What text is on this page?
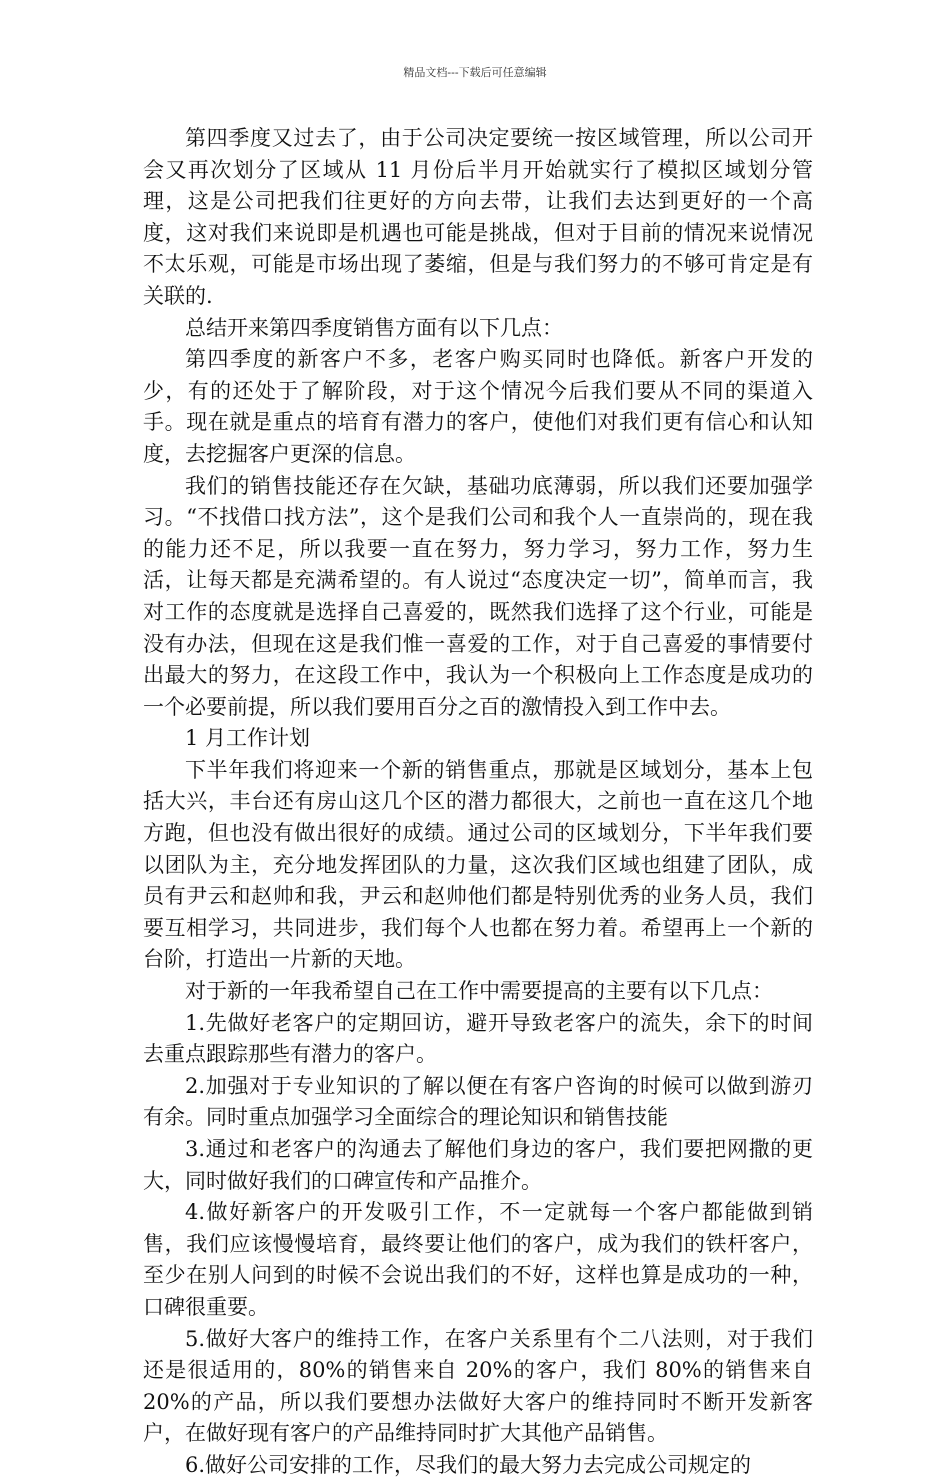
精品文档---下载后可任意编辑

第四季度又过去了，由于公司决定要统一按区域管理，所以公司开会又再次划分了区域从 11 月份后半月开始就实行了模拟区域划分管理，这是公司把我们往更好的方向去带，让我们去达到更好的一个高度，这对我们来说即是机遇也可能是挑战，但对于目前的情况来说情况不太乐观，可能是市场出现了萎缩，但是与我们努力的不够可肯定是有关联的.

总结开来第四季度销售方面有以下几点：

第四季度的新客户不多，老客户购买同时也降低。新客户开发的少，有的还处于了解阶段，对于这个情况今后我们要从不同的渠道入手。现在就是重点的培育有潜力的客户，使他们对我们更有信心和认知度，去挖掘客户更深的信息。

我们的销售技能还存在欠缺，基础功底薄弱，所以我们还要加强学习。“不找借口找方法”，这个是我们公司和我个人一直崇尚的，现在我的能力还不足，所以我要一直在努力，努力学习，努力工作，努力生活，让每天都是充满希望的。有人说过“态度决定一切”，简单而言，我对工作的态度就是选择自己喜爱的，既然我们选择了这个行业，可能是没有办法，但现在这是我们惟一喜爱的工作，对于自己喜爱的事情要付出最大的努力，在这段工作中，我认为一个积极向上工作态度是成功的一个必要前提，所以我们要用百分之百的激情投入到工作中去。

1 月工作计划

下半年我们将迎来一个新的销售重点，那就是区域划分，基本上包括大兴，丰台还有房山这几个区的潜力都很大，之前也一直在这几个地方跑，但也没有做出很好的成绩。通过公司的区域划分，下半年我们要以团队为主，充分地发挥团队的力量，这次我们区域也组建了团队，成员有尹云和赵帅和我，尹云和赵帅他们都是特别优秀的业务人员，我们要互相学习，共同进步，我们每个人也都在努力着。希望再上一个新的台阶，打造出一片新的天地。

对于新的一年我希望自己在工作中需要提高的主要有以下几点：

1.先做好老客户的定期回访，避开导致老客户的流失，余下的时间去重点跟踪那些有潜力的客户。

2.加强对于专业知识的了解以便在有客户咨询的时候可以做到游刃有余。同时重点加强学习全面综合的理论知识和销售技能

3.通过和老客户的沟通去了解他们身边的客户，我们要把网撒的更大，同时做好我们的口碑宣传和产品推介。

4.做好新客户的开发吸引工作，不一定就每一个客户都能做到销售，我们应该慢慢培育，最终要让他们的客户，成为我们的铁杆客户，至少在别人问到的时候不会说出我们的不好，这样也算是成功的一种，口碑很重要。

5.做好大客户的维持工作，在客户关系里有个二八法则，对于我们还是很适用的，80%的销售来自 20%的客户，我们 80%的销售来自 20%的产品，所以我们要想办法做好大客户的维持同时不断开发新客户，在做好现有客户的产品维持同时扩大其他产品销售。

6.做好公司安排的工作，尽我们的最大努力去完成公司规定的
